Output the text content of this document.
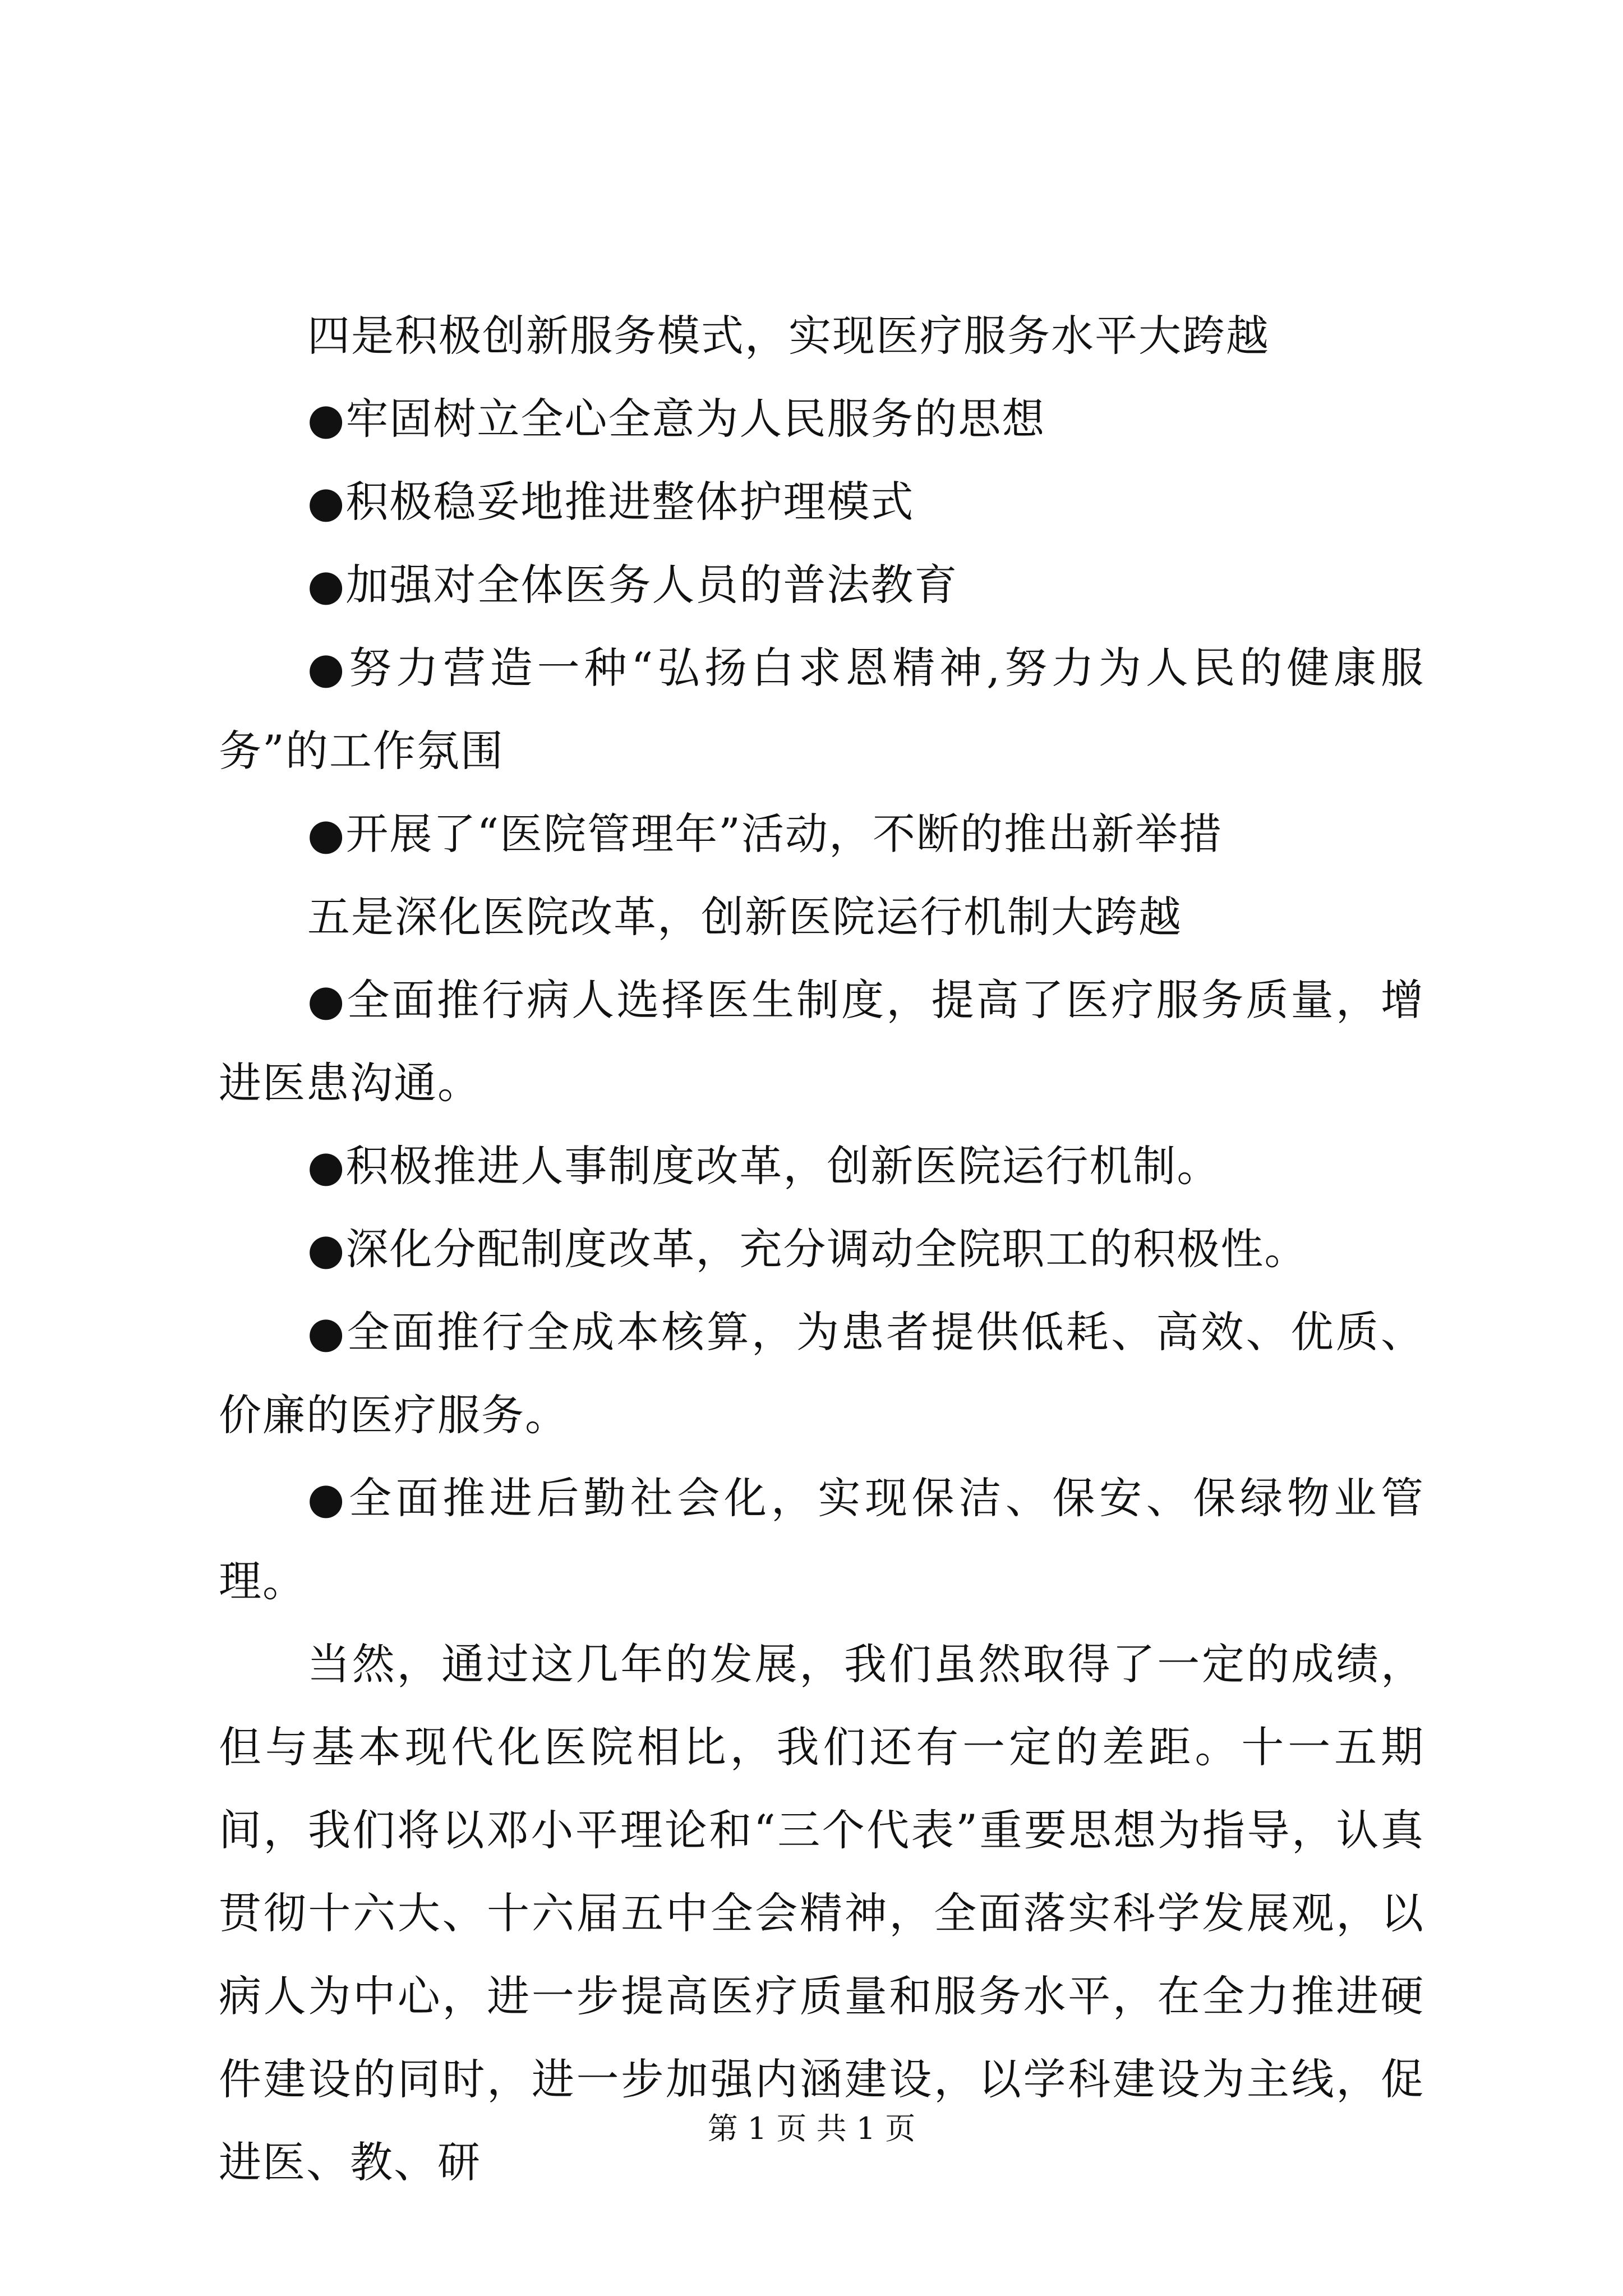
四是积极创新服务模式，实现医疗服务水平大跨越

●牢固树立全心全意为人民服务的思想

●积极稳妥地推进整体护理模式

●加强对全体医务人员的普法教育

●努力营造一种“弘扬白求恩精神,努力为人民的健康服务”的工作氛围

●开展了“医院管理年”活动，不断的推出新举措

五是深化医院改革，创新医院运行机制大跨越

●全面推行病人选择医生制度，提高了医疗服务质量，增进医患沟通。

●积极推进人事制度改革，创新医院运行机制。

●深化分配制度改革，充分调动全院职工的积极性。

●全面推行全成本核算，为患者提供低耗、高效、优质、价廉的医疗服务。

●全面推进后勤社会化，实现保洁、保安、保绿物业管理。

当然，通过这几年的发展，我们虽然取得了一定的成绩，但与基本现代化医院相比，我们还有一定的差距。十一五期间，我们将以邓小平理论和“三个代表”重要思想为指导，认真贯彻十六大、十六届五中全会精神，全面落实科学发展观，以病人为中心，进一步提高医疗质量和服务水平，在全力推进硬件建设的同时，进一步加强内涵建设，以学科建设为主线，促进医、教、研

第 1 页 共 1 页
